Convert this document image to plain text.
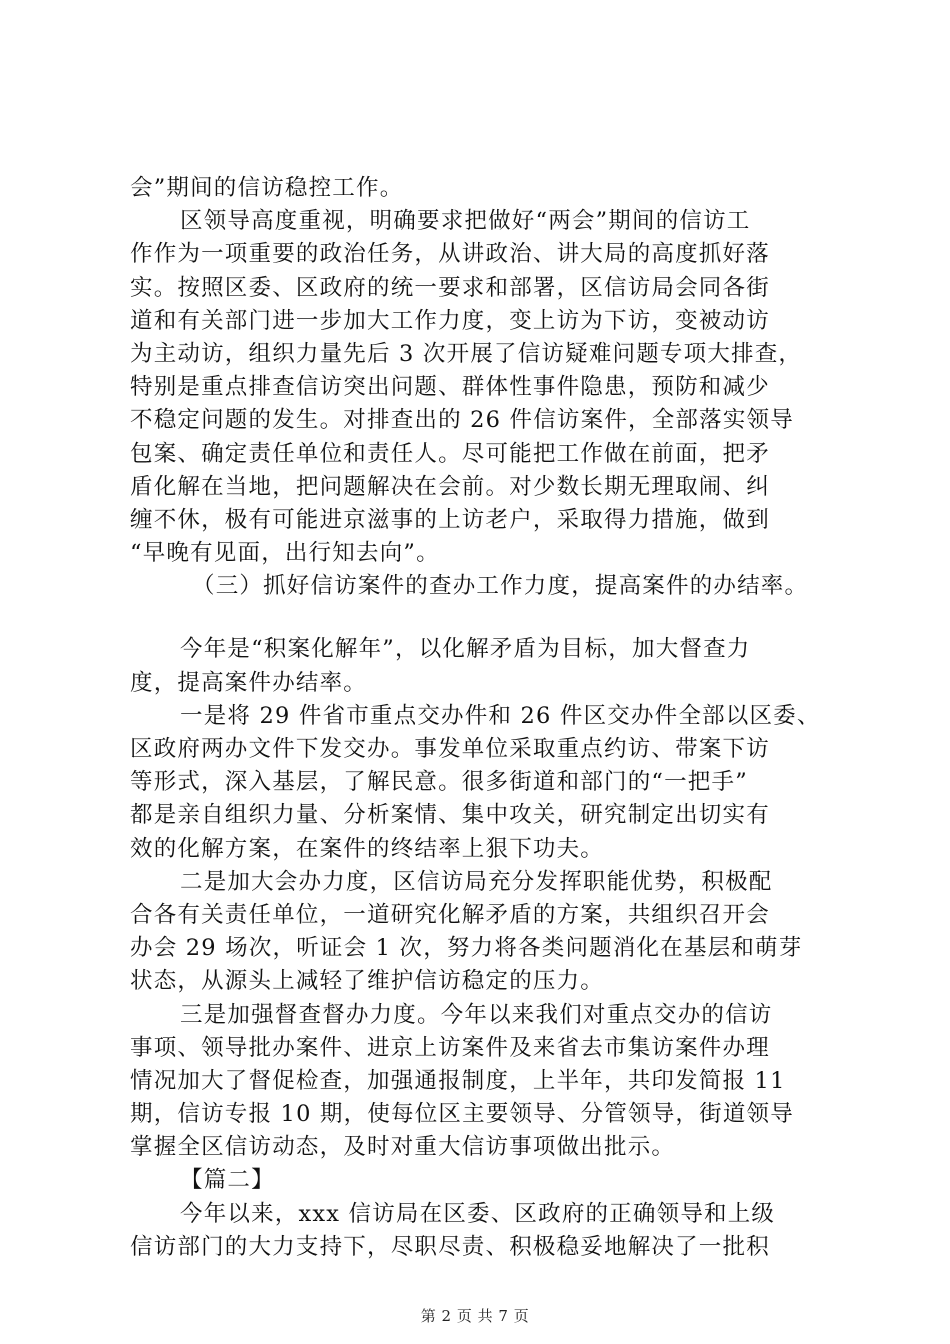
会”期间的信访稳控工作。
区领导高度重视，明确要求把做好“两会”期间的信访工
作作为一项重要的政治任务，从讲政治、讲大局的高度抓好落
实。按照区委、区政府的统一要求和部署，区信访局会同各街
道和有关部门进一步加大工作力度，变上访为下访，变被动访
为主动访，组织力量先后 3 次开展了信访疑难问题专项大排查，
特别是重点排查信访突出问题、群体性事件隐患，预防和减少
不稳定问题的发生。对排查出的 26 件信访案件，全部落实领导
包案、确定责任单位和责任人。尽可能把工作做在前面，把矛
盾化解在当地，把问题解决在会前。对少数长期无理取闹、纠
缠不休，极有可能进京滋事的上访老户，采取得力措施，做到
“早晚有见面，出行知去向”。
（三）抓好信访案件的查办工作力度，提高案件的办结率。
今年是“积案化解年”，以化解矛盾为目标，加大督查力
度，提高案件办结率。
一是将 29 件省市重点交办件和 26 件区交办件全部以区委、
区政府两办文件下发交办。事发单位采取重点约访、带案下访
等形式，深入基层，了解民意。很多街道和部门的“一把手”
都是亲自组织力量、分析案情、集中攻关，研究制定出切实有
效的化解方案，在案件的终结率上狠下功夫。
二是加大会办力度，区信访局充分发挥职能优势，积极配
合各有关责任单位，一道研究化解矛盾的方案，共组织召开会
办会 29 场次，听证会 1 次，努力将各类问题消化在基层和萌芽
状态，从源头上减轻了维护信访稳定的压力。
三是加强督查督办力度。今年以来我们对重点交办的信访
事项、领导批办案件、进京上访案件及来省去市集访案件办理
情况加大了督促检查，加强通报制度，上半年，共印发简报 11
期，信访专报 10 期，使每位区主要领导、分管领导，街道领导
掌握全区信访动态，及时对重大信访事项做出批示。
【篇二】
今年以来，xxx 信访局在区委、区政府的正确领导和上级
信访部门的大力支持下，尽职尽责、积极稳妥地解决了一批积
第 2 页 共 7 页
